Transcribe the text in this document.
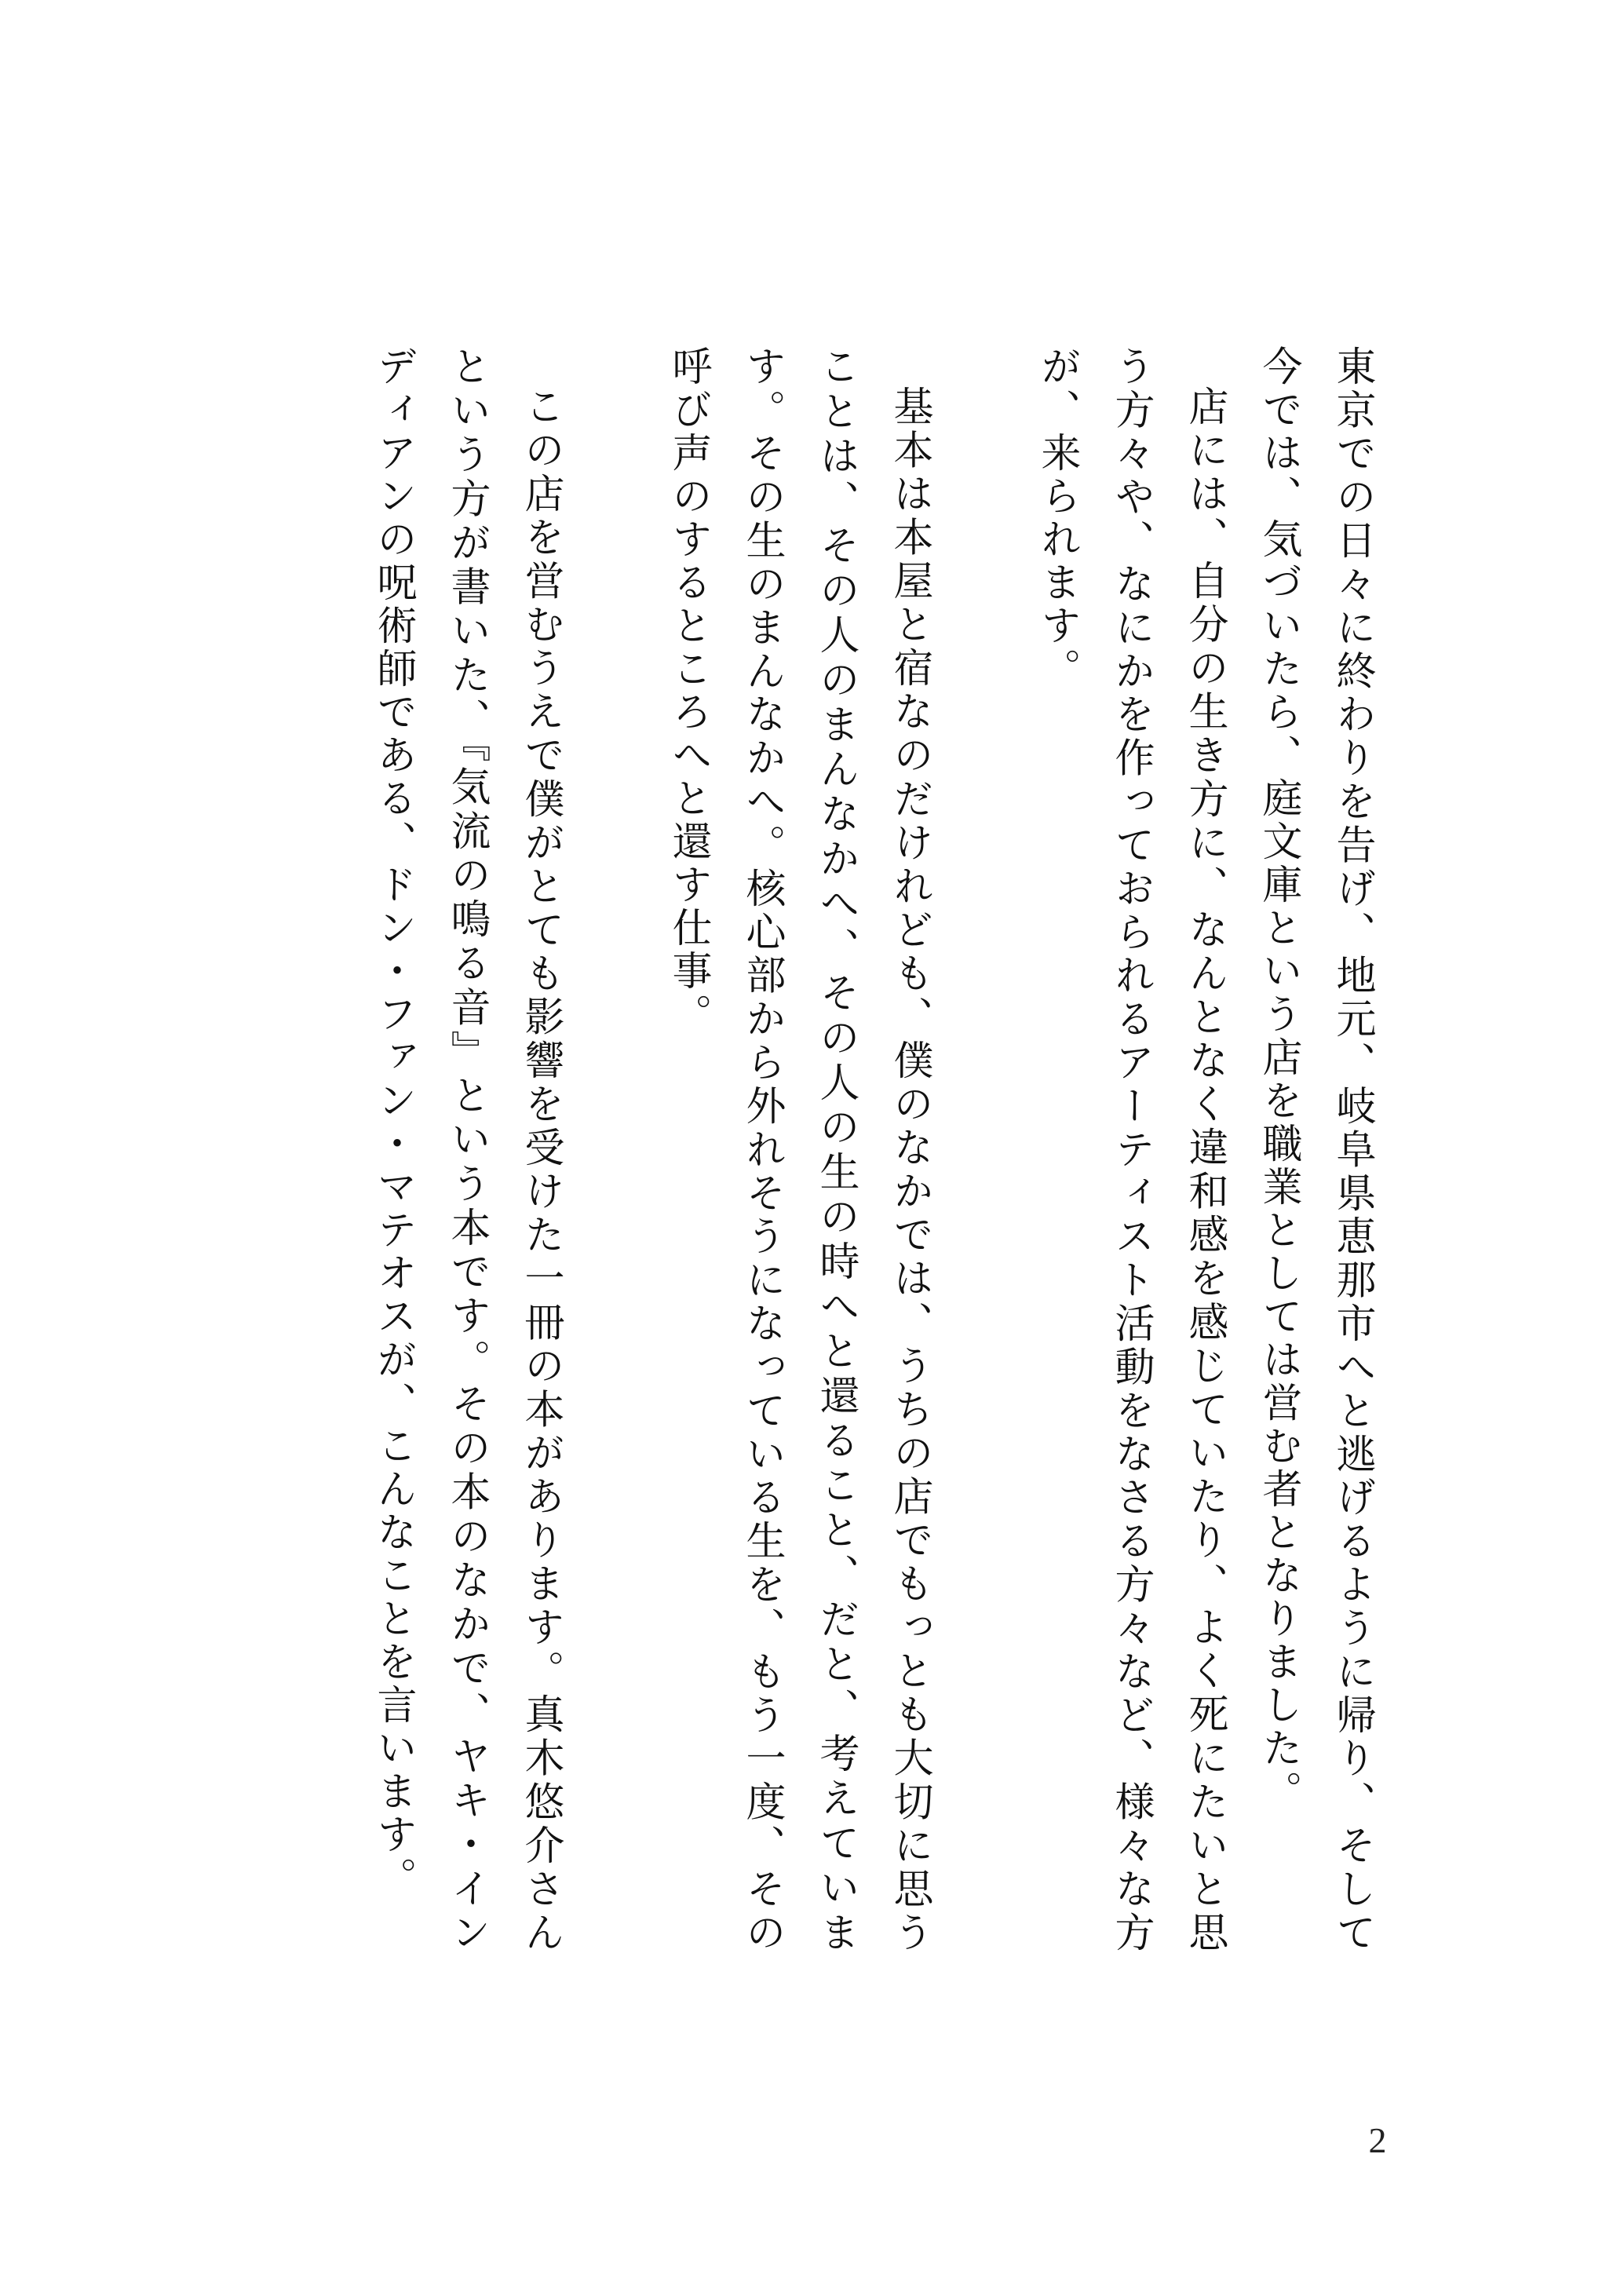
東京での日々に終わりを告げ、地元、岐阜県恵那市へと逃げるように帰り、そして今では、気づいたら、庭文庫という店を職業としては営む者となりました。

店には、自分の生き方に、なんとなく違和感を感じていたり、よく死にたいと思う方々や、なにかを作っておられるアーティスト活動をなさる方々など、様々な方が、来られます。

基本は本屋と宿なのだけれども、僕のなかでは、うちの店でもっとも大切に思うことは、その人のまんなかへ、その人の生の時へと還ること、だと、考えています。その生のまんなかへ。核心部から外れそうになっている生を、もう一度、その呼び声のするところへと還す仕事。

この店を営むうえで僕がとても影響を受けた一冊の本があります。真木悠介さんという方が書いた、『気流の鳴る音』という本です。その本のなかで、ヤキ・インディアンの呪術師である、ドン・ファン・マテオスが、こんなことを言います。

2
